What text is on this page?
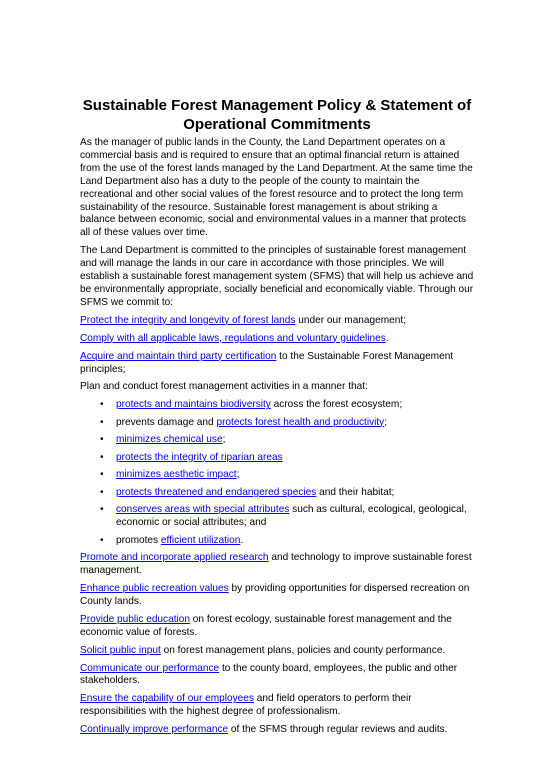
Sustainable Forest Management Policy & Statement of Operational Commitments

As the manager of public lands in the County, the Land Department operates on a commercial basis and is required to ensure that an optimal financial return is attained from the use of the forest lands managed by the Land Department. At the same time the Land Department also has a duty to the people of the county to maintain the recreational and other social values of the forest resource and to protect the long term sustainability of the resource. Sustainable forest management is about striking a balance between economic, social and environmental values in a manner that protects all of these values over time.

The Land Department is committed to the principles of sustainable forest management and will manage the lands in our care in accordance with those principles. We will establish a sustainable forest management system (SFMS) that will help us achieve and be environmentally appropriate, socially beneficial and economically viable. Through our SFMS we commit to:

Protect the integrity and longevity of forest lands under our management;

Comply with all applicable laws, regulations and voluntary guidelines.

Acquire and maintain third party certification to the Sustainable Forest Management principles;

Plan and conduct forest management activities in a manner that:

• protects and maintains biodiversity across the forest ecosystem;
• prevents damage and protects forest health and productivity;
• minimizes chemical use;
• protects the integrity of riparian areas
• minimizes aesthetic impact;
• protects threatened and endangered species and their habitat;
• conserves areas with special attributes such as cultural, ecological, geological, economic or social attributes; and
• promotes efficient utilization.

Promote and incorporate applied research and technology to improve sustainable forest management.

Enhance public recreation values by providing opportunities for dispersed recreation on County lands.

Provide public education on forest ecology, sustainable forest management and the economic value of forests.

Solicit public input on forest management plans, policies and county performance.

Communicate our performance to the county board, employees, the public and other stakeholders.

Ensure the capability of our employees and field operators to perform their responsibilities with the highest degree of professionalism.

Continually improve performance of the SFMS through regular reviews and audits.
